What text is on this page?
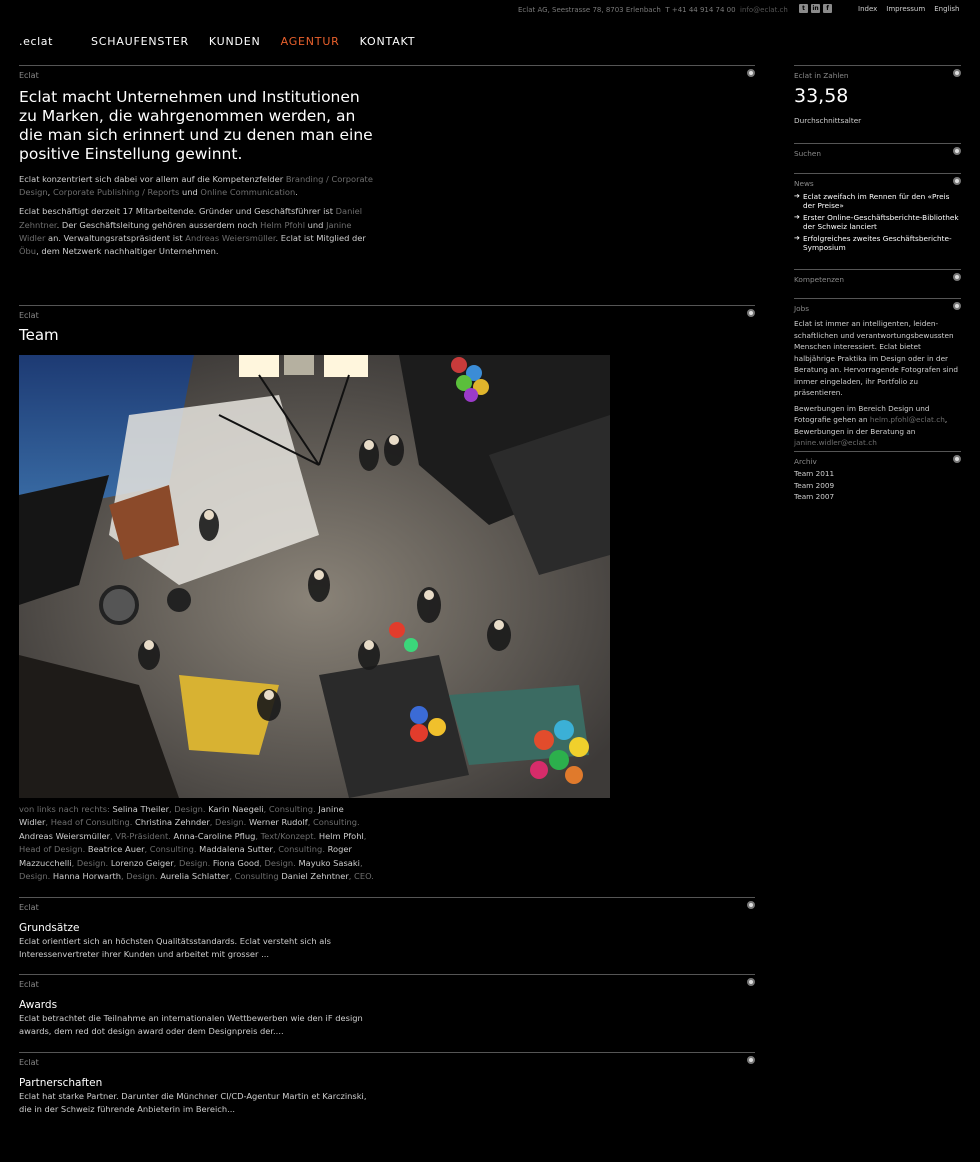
Eclat AG, Seestrasse 78, 8703 Erlenbach T +41 44 914 74 00 info@eclat.ch	t	in	f	Index Impressum English
.eclat	SCHAUFENSTER KUNDEN AGENTUR KONTAKT
Eclat
Eclat macht Unternehmen und Institutionen zu Marken, die wahrgenommen werden, an die man sich erinnert und zu denen man eine positive Einstellung gewinnt.
Eclat konzentriert sich dabei vor allem auf die Kompetenzfelder Branding / Corporate Design, Corporate Publishing / Reports und Online Communication.
Eclat beschäftigt derzeit 17 Mitarbeitende. Gründer und Geschäftsführer ist Daniel Zehntner. Der Geschäftsleitung gehören ausserdem noch Helm Pfohl und Janine Widler an. Verwaltungsratspräsident ist Andreas Weiersmüller. Eclat ist Mitglied der Öbu, dem Netzwerk nachhaltiger Unternehmen.
Eclat
Team
von links nach rechts: Selina Theiler, Design. Karin Naegeli, Consulting. Janine Widler, Head of Consulting. Christina Zehnder, Design. Werner Rudolf, Consulting. Andreas Weiersmüller, VR-Präsident. Anna-Caroline Pflug, Text/Konzept. Helm Pfohl, Head of Design. Beatrice Auer, Consulting. Maddalena Sutter, Consulting. Roger Mazzucchelli, Design. Lorenzo Geiger, Design. Fiona Good, Design. Mayuko Sasaki, Design. Hanna Horwarth, Design. Aurelia Schlatter, Consulting Daniel Zehntner, CEO.
Eclat
Grundsätze
Eclat orientiert sich an höchsten Qualitätsstandards. Eclat versteht sich als Interessenvertreter ihrer Kunden und arbeitet mit grosser ...
Eclat
Awards
Eclat betrachtet die Teilnahme an internationalen Wettbewerben wie den iF design awards, dem red dot design award oder dem Designpreis der....
Eclat
Partnerschaften
Eclat hat starke Partner. Darunter die Münchner CI/CD-Agentur Martin et Karczinski, die in der Schweiz führende Anbieterin im Bereich...
Eclat in Zahlen
33,58
Durchschnittsalter
Suchen
News
➔ Eclat zweifach im Rennen für den «Preis der Preise»
➔ Erster Online-Geschäftsberichte-Bibliothek der Schweiz lanciert
➔ Erfolgreiches zweites Geschäftsberichte-Symposium
Kompetenzen
Jobs
Eclat ist immer an intelligenten, leiden-schaftlichen und verantwortungsbewussten Menschen interessiert. Eclat bietet halbjährige Praktika im Design oder in der Beratung an. Hervorragende Fotografen sind immer eingeladen, ihr Portfolio zu präsentieren.
Bewerbungen im Bereich Design und Fotografie gehen an helm.pfohl@eclat.ch, Bewerbungen in der Beratung an janine.widler@eclat.ch
Archiv
Team 2011
Team 2009
Team 2007
